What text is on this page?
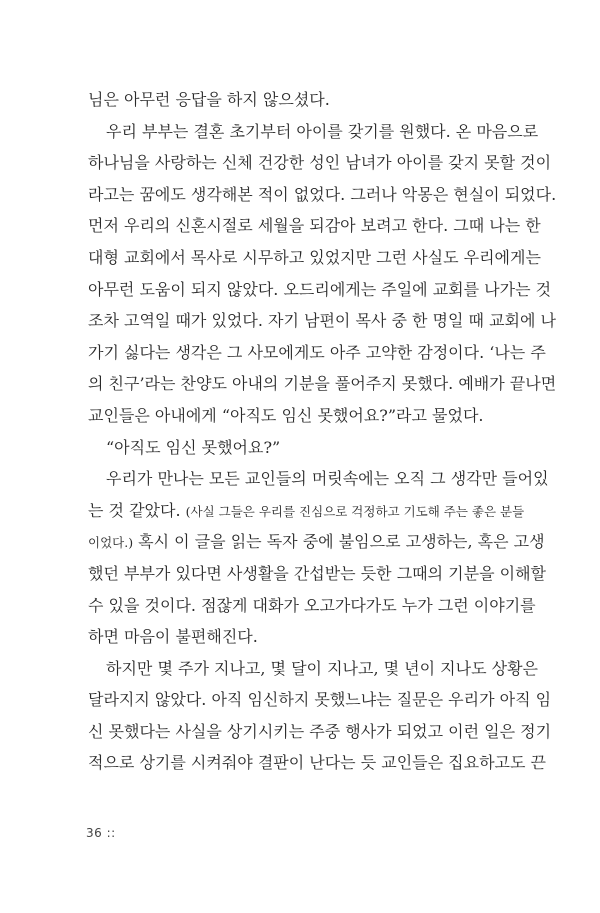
님은 아무런 응답을 하지 않으셨다.
우리 부부는 결혼 초기부터 아이를 갖기를 원했다. 온 마음으로
하나님을 사랑하는 신체 건강한 성인 남녀가 아이를 갖지 못할 것이
라고는 꿈에도 생각해본 적이 없었다. 그러나 악몽은 현실이 되었다.
먼저 우리의 신혼시절로 세월을 되감아 보려고 한다. 그때 나는 한
대형 교회에서 목사로 시무하고 있었지만 그런 사실도 우리에게는
아무런 도움이 되지 않았다. 오드리에게는 주일에 교회를 나가는 것
조차 고역일 때가 있었다. 자기 남편이 목사 중 한 명일 때 교회에 나
가기 싫다는 생각은 그 사모에게도 아주 고약한 감정이다. ‘나는 주
의 친구’라는 찬양도 아내의 기분을 풀어주지 못했다. 예배가 끝나면
교인들은 아내에게 “아직도 임신 못했어요?”라고 물었다.
“아직도 임신 못했어요?”
우리가 만나는 모든 교인들의 머릿속에는 오직 그 생각만 들어있
는 것 같았다. (사실 그들은 우리를 진심으로 걱정하고 기도해 주는 좋은 분들
이었다.) 혹시 이 글을 읽는 독자 중에 불임으로 고생하는, 혹은 고생
했던 부부가 있다면 사생활을 간섭받는 듯한 그때의 기분을 이해할
수 있을 것이다. 점잖게 대화가 오고가다가도 누가 그런 이야기를
하면 마음이 불편해진다.
하지만 몇 주가 지나고, 몇 달이 지나고, 몇 년이 지나도 상황은
달라지지 않았다. 아직 임신하지 못했느냐는 질문은 우리가 아직 임
신 못했다는 사실을 상기시키는 주중 행사가 되었고 이런 일은 정기
적으로 상기를 시켜줘야 결판이 난다는 듯 교인들은 집요하고도 끈
36 ::
